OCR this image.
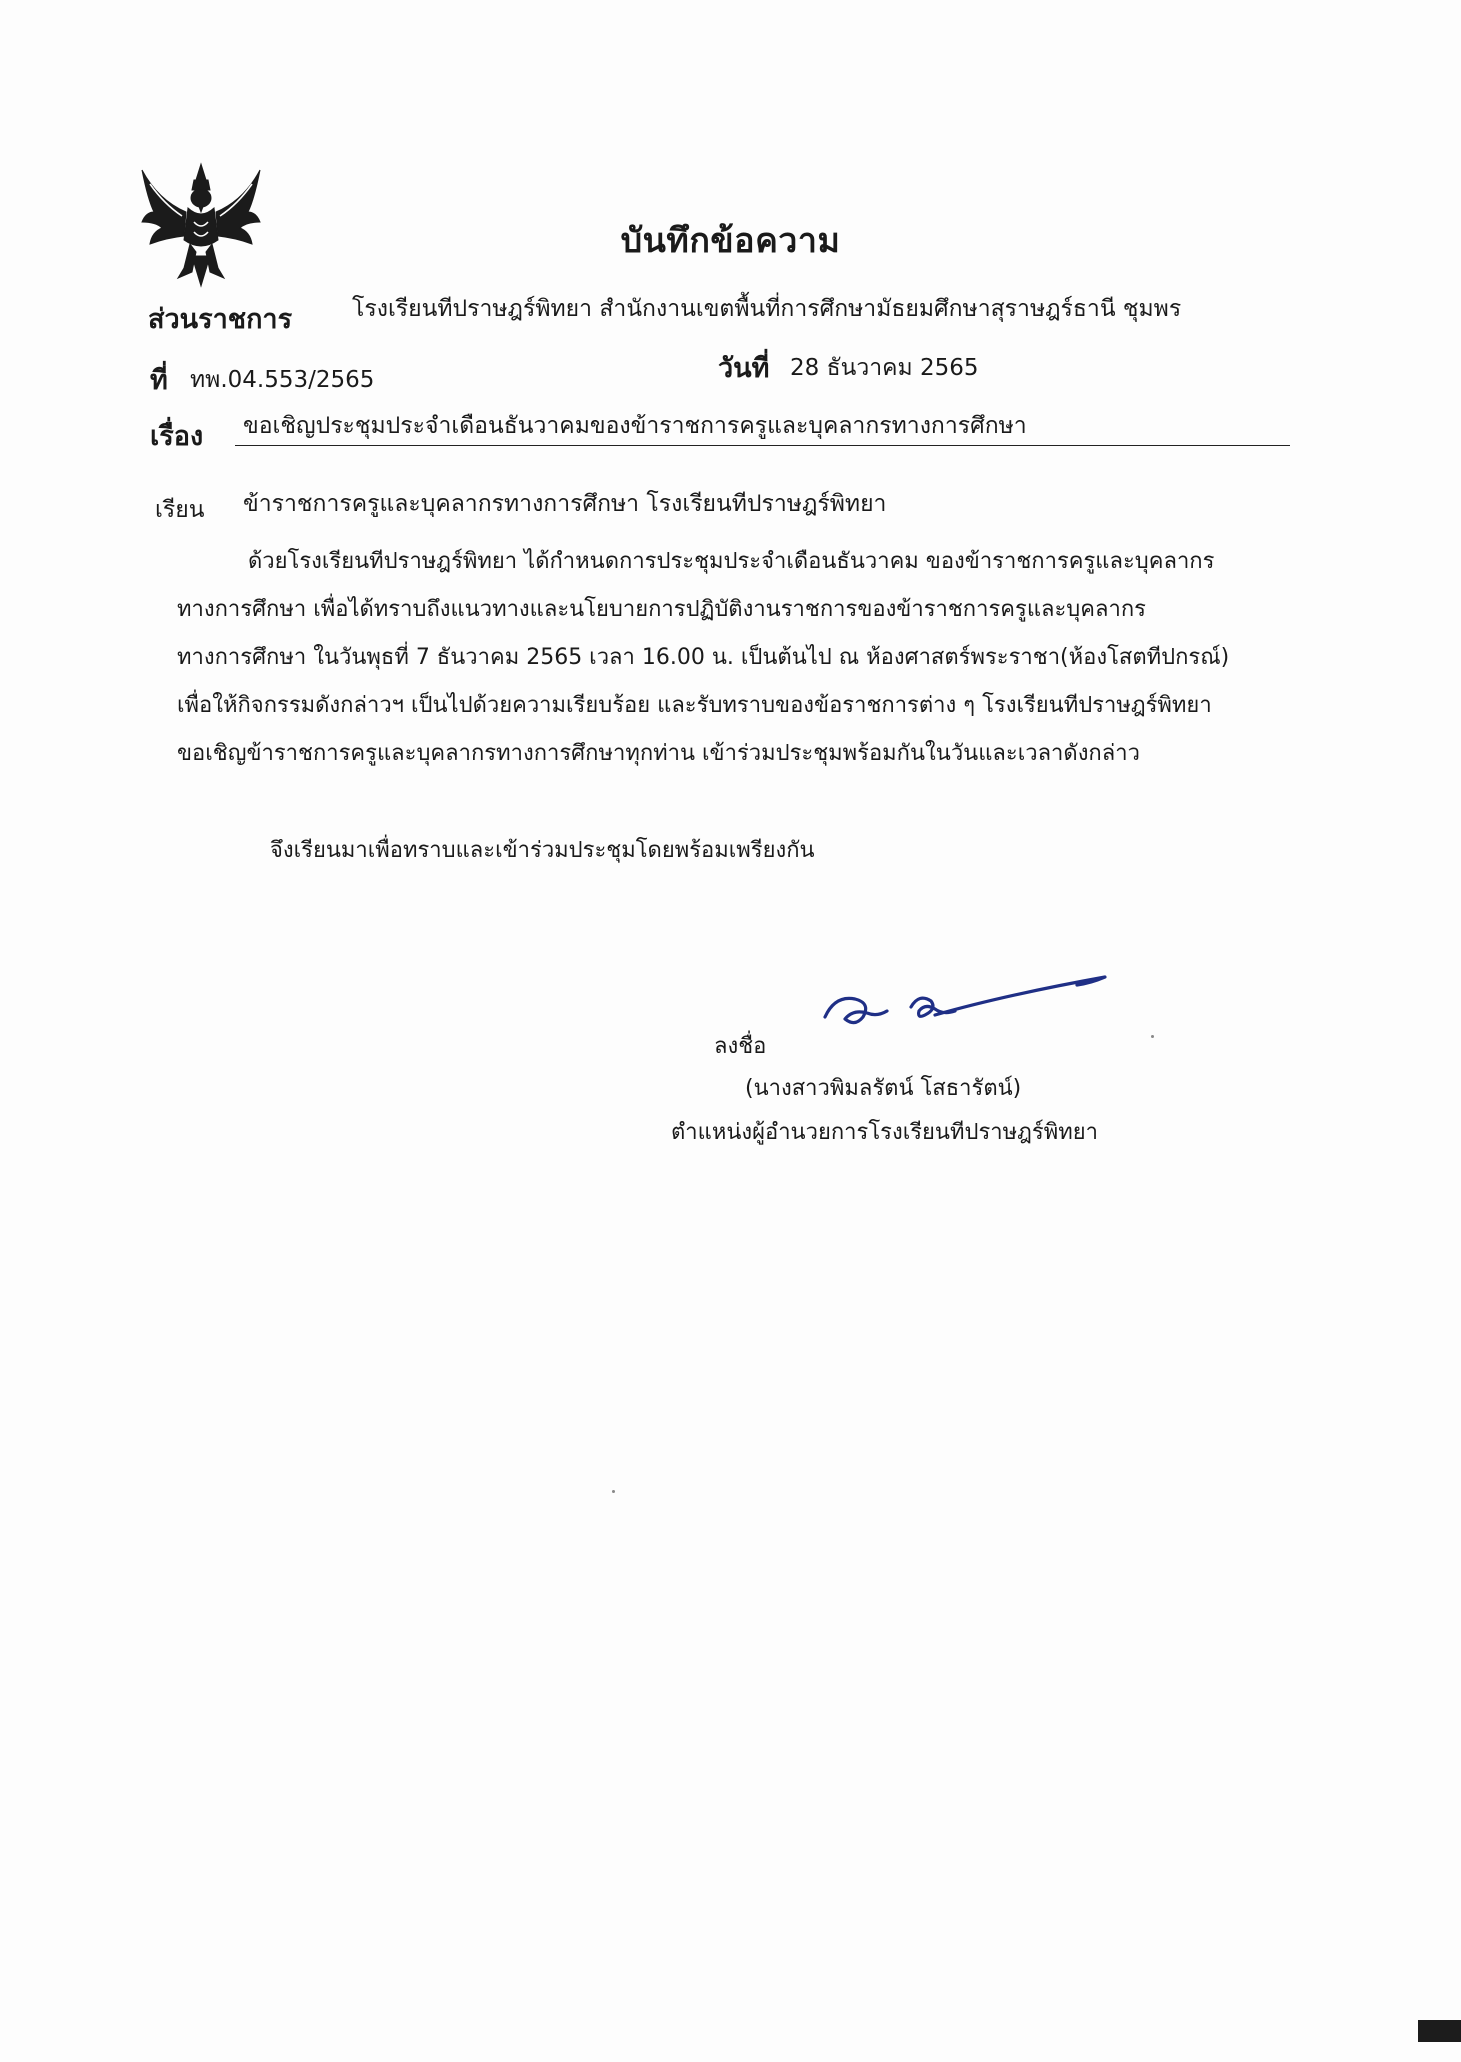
บันทึกข้อความ
ส่วนราชการ	โรงเรียนทีปราษฎร์พิทยา สำนักงานเขตพื้นที่การศึกษามัธยมศึกษาสุราษฎร์ธานี ชุมพร
ที่ ทพ.04.553/2565	วันที่ 28 ธันวาคม 2565
เรื่อง ขอเชิญประชุมประจำเดือนธันวาคมของข้าราชการครูและบุคลากรทางการศึกษา
เรียน ข้าราชการครูและบุคลากรทางการศึกษา โรงเรียนทีปราษฎร์พิทยา
ด้วยโรงเรียนทีปราษฎร์พิทยา ได้กำหนดการประชุมประจำเดือนธันวาคม ของข้าราชการครูและบุคลากร
ทางการศึกษา เพื่อได้ทราบถึงแนวทางและนโยบายการปฏิบัติงานราชการของข้าราชการครูและบุคลากร
ทางการศึกษา ในวันพุธที่ 7 ธันวาคม 2565 เวลา 16.00 น. เป็นต้นไป ณ ห้องศาสตร์พระราชา(ห้องโสตทีปกรณ์)
เพื่อให้กิจกรรมดังกล่าวฯ เป็นไปด้วยความเรียบร้อย และรับทราบของข้อราชการต่าง ๆ โรงเรียนทีปราษฎร์พิทยา
ขอเชิญข้าราชการครูและบุคลากรทางการศึกษาทุกท่าน เข้าร่วมประชุมพร้อมกันในวันและเวลาดังกล่าว
จึงเรียนมาเพื่อทราบและเข้าร่วมประชุมโดยพร้อมเพรียงกัน
ลงชื่อ
(นางสาวพิมลรัตน์ โสธารัตน์)
ตำแหน่งผู้อำนวยการโรงเรียนทีปราษฎร์พิทยา
